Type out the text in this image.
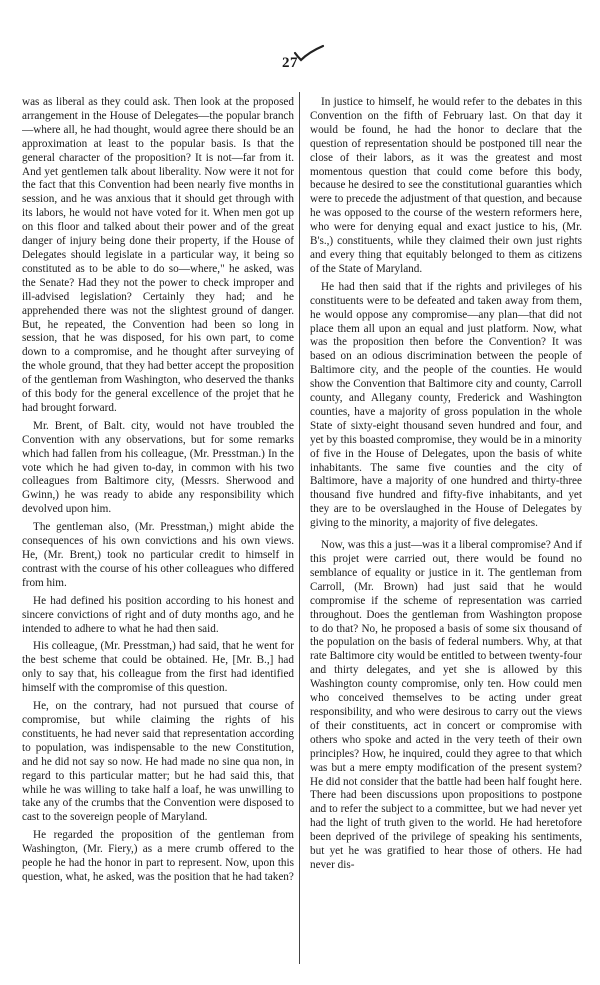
27

was as liberal as they could ask. Then look at the proposed arrangement in the House of Delegates—the popular branch—where all, he had thought, would agree there should be an approximation at least to the popular basis. Is that the general character of the proposition? It is not—far from it. And yet gentlemen talk about liberality. Now were it not for the fact that this Convention had been nearly five months in session, and he was anxious that it should get through with its labors, he would not have voted for it. When men got up on this floor and talked about their power and of the great danger of injury being done their property, if the House of Delegates should legislate in a particular way, it being so constituted as to be able to do so—where," he asked, was the Senate? Had they not the power to check improper and ill-advised legislation? Certainly they had; and he apprehended there was not the slightest ground of danger. But, he repeated, the Convention had been so long in session, that he was disposed, for his own part, to come down to a compromise, and he thought after surveying of the whole ground, that they had better accept the proposition of the gentleman from Washington, who deserved the thanks of this body for the general excellence of the projet that he had brought forward.

Mr. Brent, of Balt. city, would not have troubled the Convention with any observations, but for some remarks which had fallen from his colleague, (Mr. Presstman.) In the vote which he had given to-day, in common with his two colleagues from Baltimore city, (Messrs. Sherwood and Gwinn,) he was ready to abide any responsibility which devolved upon him.

The gentleman also, (Mr. Presstman,) might abide the consequences of his own convictions and his own views. He, (Mr. Brent,) took no particular credit to himself in contrast with the course of his other colleagues who differed from him.

He had defined his position according to his honest and sincere convictions of right and of duty months ago, and he intended to adhere to what he had then said.

His colleague, (Mr. Presstman,) had said, that he went for the best scheme that could be obtained. He, [Mr. B.,] had only to say that, his colleague from the first had identified himself with the compromise of this question.

He, on the contrary, had not pursued that course of compromise, but while claiming the rights of his constituents, he had never said that representation according to population, was indispensable to the new Constitution, and he did not say so now. He had made no sine qua non, in regard to this particular matter; but he had said this, that while he was willing to take half a loaf, he was unwilling to take any of the crumbs that the Convention were disposed to cast to the sovereign people of Maryland.

He regarded the proposition of the gentleman from Washington, (Mr. Fiery,) as a mere crumb offered to the people he had the honor in part to represent. Now, upon this question, what, he asked, was the position that he had taken?

In justice to himself, he would refer to the debates in this Convention on the fifth of February last. On that day it would be found, he had the honor to declare that the question of representation should be postponed till near the close of their labors, as it was the greatest and most momentous question that could come before this body, because he desired to see the constitutional guaranties which were to precede the adjustment of that question, and because he was opposed to the course of the western reformers here, who were for denying equal and exact justice to his, (Mr. B's.,) constituents, while they claimed their own just rights and every thing that equitably belonged to them as citizens of the State of Maryland.

He had then said that if the rights and privileges of his constituents were to be defeated and taken away from them, he would oppose any compromise—any plan—that did not place them all upon an equal and just platform. Now, what was the proposition then before the Convention? It was based on an odious discrimination between the people of Baltimore city, and the people of the counties. He would show the Convention that Baltimore city and county, Carroll county, and Allegany county, Frederick and Washington counties, have a majority of gross population in the whole State of sixty-eight thousand seven hundred and four, and yet by this boasted compromise, they would be in a minority of five in the House of Delegates, upon the basis of white inhabitants. The same five counties and the city of Baltimore, have a majority of one hundred and thirty-three thousand five hundred and fifty-five inhabitants, and yet they are to be overslaughed in the House of Delegates by giving to the minority, a majority of five delegates.

Now, was this a just—was it a liberal compromise? And if this projet were carried out, there would be found no semblance of equality or justice in it. The gentleman from Carroll, (Mr. Brown) had just said that he would compromise if the scheme of representation was carried throughout. Does the gentleman from Washington propose to do that? No, he proposed a basis of some six thousand of the population on the basis of federal numbers. Why, at that rate Baltimore city would be entitled to between twenty-four and thirty delegates, and yet she is allowed by this Washington county compromise, only ten. How could men who conceived themselves to be acting under great responsibility, and who were desirous to carry out the views of their constituents, act in concert or compromise with others who spoke and acted in the very teeth of their own principles? How, he inquired, could they agree to that which was but a mere empty modification of the present system? He did not consider that the battle had been half fought here. There had been discussions upon propositions to postpone and to refer the subject to a committee, but we had never yet had the light of truth given to the world. He had heretofore been deprived of the privilege of speaking his sentiments, but yet he was gratified to hear those of others. He had never dis-
